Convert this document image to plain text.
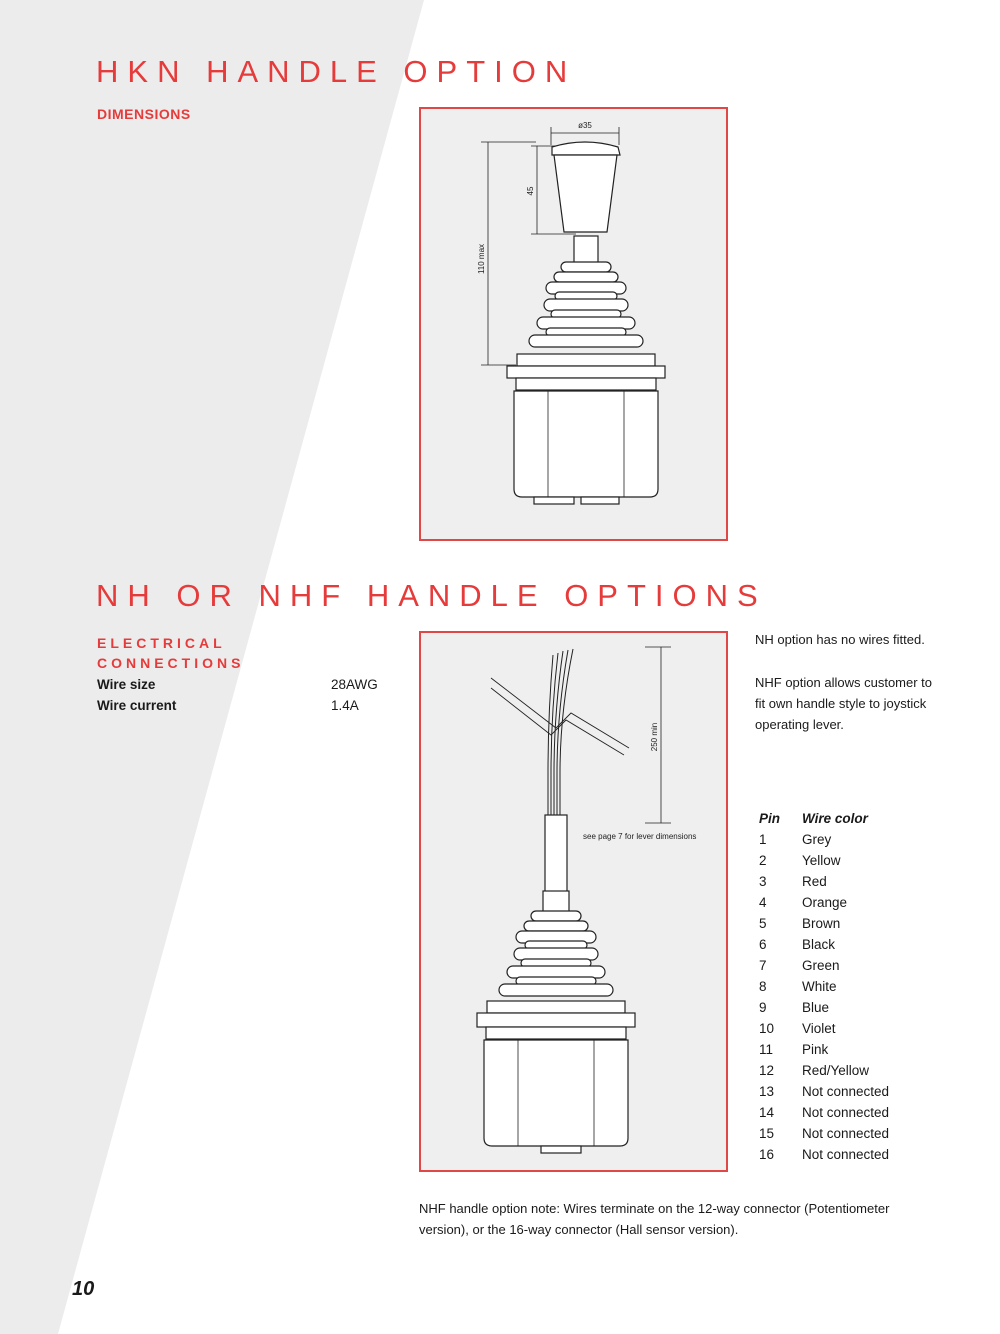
HKN HANDLE OPTION
DIMENSIONS
ø35
45
110 max
NH OR NHF HANDLE OPTIONS
ELECTRICAL
CONNECTIONS
Wire size	28AWG
Wire current	1.4A
250 min
see page 7 for lever dimensions
NH option has no wires fitted.
NHF option allows customer to
fit own handle style to joystick
operating lever.
Pin	Wire color
1	Grey
2	Yellow
3	Red
4	Orange
5	Brown
6	Black
7	Green
8	White
9	Blue
10	Violet
11	Pink
12	Red/Yellow
13	Not connected
14	Not connected
15	Not connected
16	Not connected
NHF handle option note: Wires terminate on the 12-way connector (Potentiometer
version), or the 16-way connector (Hall sensor version).
10
